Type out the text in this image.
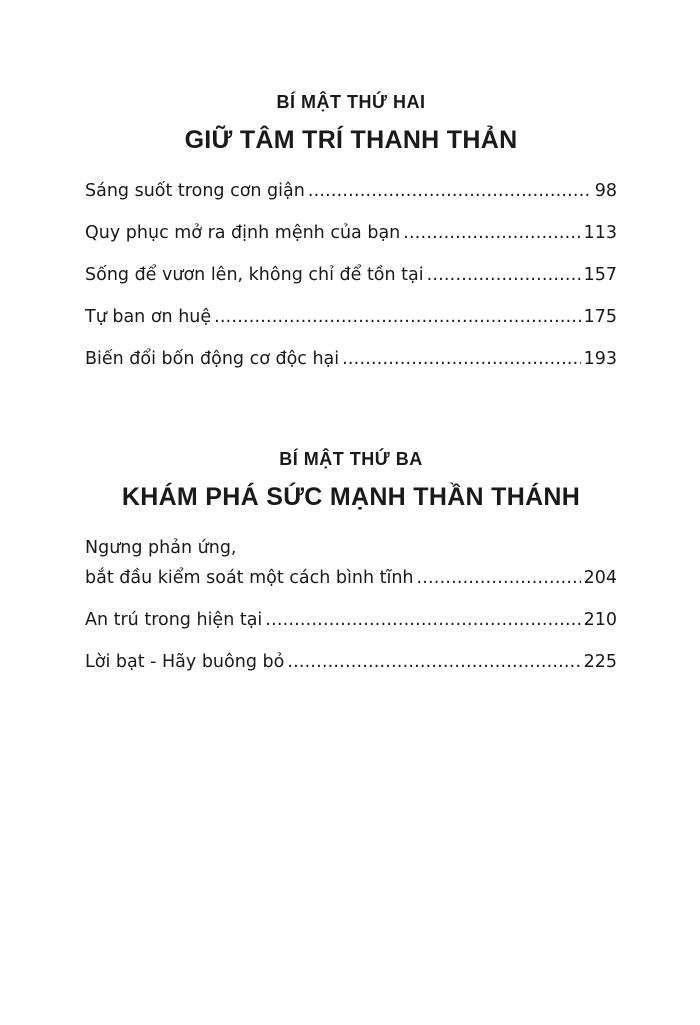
BÍ MẬT THỨ HAI
GIỮ TÂM TRÍ THANH THẢN
Sáng suốt trong cơn giận .....	98
Quy phục mở ra định mệnh của bạn .....	113
Sống để vươn lên, không chỉ để tồn tại .....	157
Tự ban ơn huệ .....	175
Biến đổi bốn động cơ độc hại .....	193
BÍ MẬT THỨ BA
KHÁM PHÁ SỨC MẠNH THẦN THÁNH
Ngưng phản ứng,
bắt đầu kiểm soát một cách bình tĩnh .....	204
An trú trong hiện tại .....	210
Lời bạt - Hãy buông bỏ .....	225
